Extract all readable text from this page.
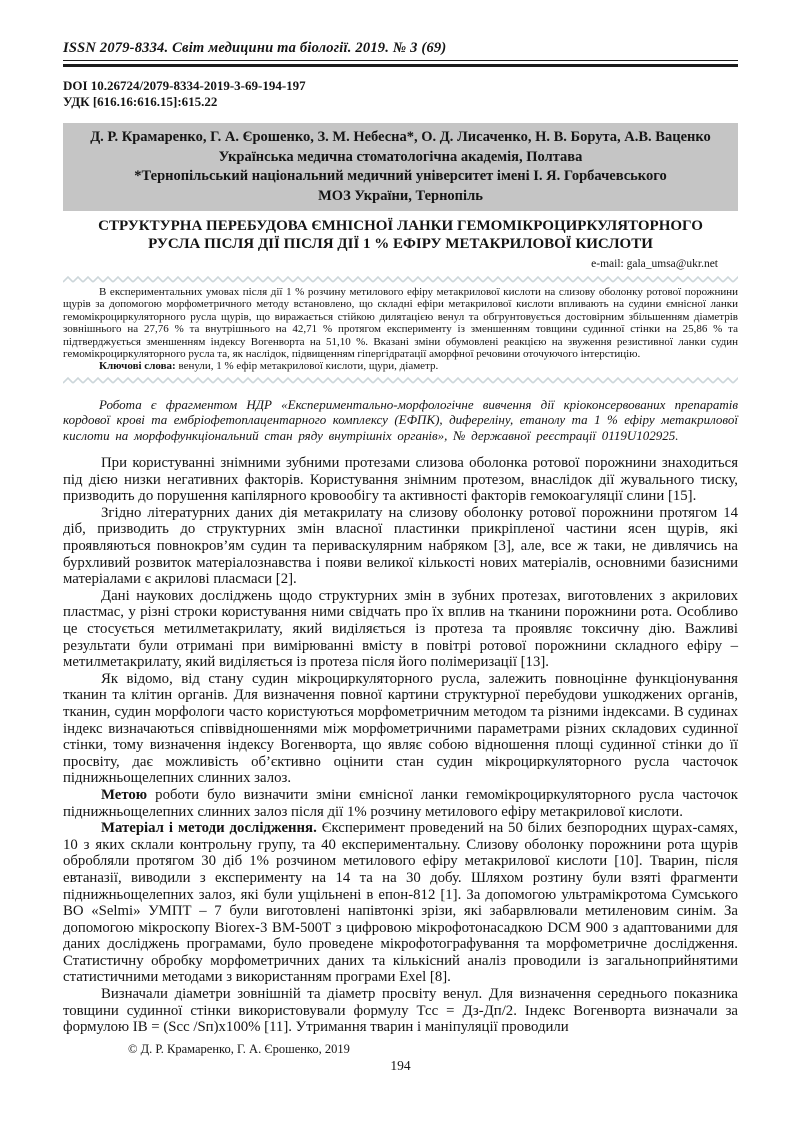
ISSN 2079-8334. Світ медицини та біології. 2019. № 3 (69)
DOI 10.26724/2079-8334-2019-3-69-194-197
УДК [616.16:616.15]:615.22
Д. Р. Крамаренко, Г. А. Єрошенко, З. М. Небесна*, О. Д. Лисаченко, Н. В. Борута, А.В. Ваценко
Українська медична стоматологічна академія, Полтава
*Тернопільський національний медичний університет імені І. Я. Горбачевського
МОЗ України, Тернопіль
СТРУКТУРНА ПЕРЕБУДОВА ЄМНІСНОЇ ЛАНКИ ГЕМОМІКРОЦИРКУЛЯТОРНОГО
РУСЛА ПІСЛЯ ДІЇ ПІСЛЯ ДІЇ 1 % ЕФІРУ МЕТАКРИЛОВОЇ КИСЛОТИ
e-mail: gala_umsa@ukr.net

В експериментальних умовах після дії 1 % розчину метилового ефіру метакрилової кислоти на слизову оболонку ротової порожнини щурів за допомогою морфометричного методу встановлено, що складні ефіри метакрилової кислоти впливають на судини ємнісної ланки гемомікроциркуляторного русла щурів, що виражається стійкою дилятацією венул та обгрунтовується достовірним збільшенням діаметрів зовнішнього на 27,76 % та внутрішнього на 42,71 % протягом експерименту із зменшенням товщини судинної стінки на 25,86 % та підтверджується зменшенням індексу Вогенворта на 51,10 %. Вказані зміни обумовлені реакцією на звуження резистивної ланки судин гемомікроциркуляторного русла та, як наслідок, підвищенням гіпергідратації аморфної речовини оточуючого інтерстицію.

Ключові слова: венули, 1 % ефір метакрилової кислоти, щури, діаметр.

Робота є фрагментом НДР «Експериментально-морфологічне вивчення дії кріоконсервованих препаратів кордової крові та ембріофетоплацентарного комплексу (ЕФПК), дифереліну, етанолу та 1 % ефіру метакрилової кислоти на морфофункціональний стан ряду внутрішніх органів», № державної реєстрації 0119U102925.

При користуванні знімними зубними протезами слизова оболонка ротової порожнини знаходиться під дією низки негативних факторів. Користування знімним протезом, внаслідок дії жувального тиску, призводить до порушення капілярного кровообігу та активності факторів гемокоагуляції слини [15].

Згідно літературних даних дія метакрилату на слизову оболонку ротової порожнини протягом 14 діб, призводить до структурних змін власної пластинки прикріпленої частини ясен щурів, які проявляються повнокров’ям судин та периваскулярним набряком [3], але, все ж таки, не дивлячись на бурхливий розвиток матеріалознавства і появи великої кількості нових матеріалів, основними базисними матеріалами є акрилові пласмаси [2].

Дані наукових досліджень щодо структурних змін в зубних протезах, виготовлених з акрилових пластмас, у різні строки користування ними свідчать про їх вплив на тканини порожнини рота. Особливо це стосується метилметакрилату, який виділяється із протеза та проявляє токсичну дію. Важливі результати були отримані при вимірюванні вмісту в повітрі ротової порожнини складного ефіру – метилметакрилату, який виділяється із протеза після його полімеризації [13].

Як відомо, від стану судин мікроциркуляторного русла, залежить повноцінне функціонування тканин та клітин органів. Для визначення повної картини структурної перебудови ушкоджених органів, тканин, судин морфологи часто користуються морфометричним методом та різними індексами. В судинах індекс визначаються співвідношеннями між морфометричними параметрами різних складових судинної стінки, тому визначення індексу Вогенворта, що являє собою відношення площі судинної стінки до її просвіту, дає можливість об’єктивно оцінити стан судин мікроциркуляторного русла часточок піднижньощелепних слинних залоз.

Метою роботи було визначити зміни ємнісної ланки гемомікроциркуляторного русла часточок піднижньощелепних слинних залоз після дії 1% розчину метилового ефіру метакрилової кислоти.

Матеріал і методи дослідження. Єксперимент проведений на 50 білих безпородних щурах-самях, 10 з яких склали контрольну групу, та 40 експериментальну. Слизову оболонку порожнини рота щурів обробляли протягом 30 діб 1% розчином метилового ефіру метакрилової кислоти [10]. Тварин, після евтаназії, виводили з експерименту на 14 та на 30 добу. Шляхом розтину були взяті фрагменти піднижньощелепних залоз, які були ущільнені в епон-812 [1]. За допомогою ультрамікротома Сумського ВО «Selmi» УМПТ – 7 були виготовлені напівтонкі зрізи, які забарвлювали метиленовим синім. За допомогою мікроскопу Biorex-3 ВМ-500Т з цифровою мікрофотонасадкою DCM 900 з адаптованими для даних досліджень програмами, було проведене мікрофотографування та морфометричне дослідження. Статистичну обробку морфометричних даних та кількісний аналіз проводили із загальноприйнятими статистичними методами з використанням програми Exel [8].

Визначали діаметри зовнішній та діаметр просвіту венул. Для визначення середнього показника товщини судинної стінки використовували формулу Тсс = Дз-Дп/2. Індекс Вогенворта визначали за формулою ІВ = (Scc /Sп)х100% [11]. Утримання тварин і маніпуляції проводили

© Д. Р. Крамаренко, Г. А. Єрошенко, 2019
194
